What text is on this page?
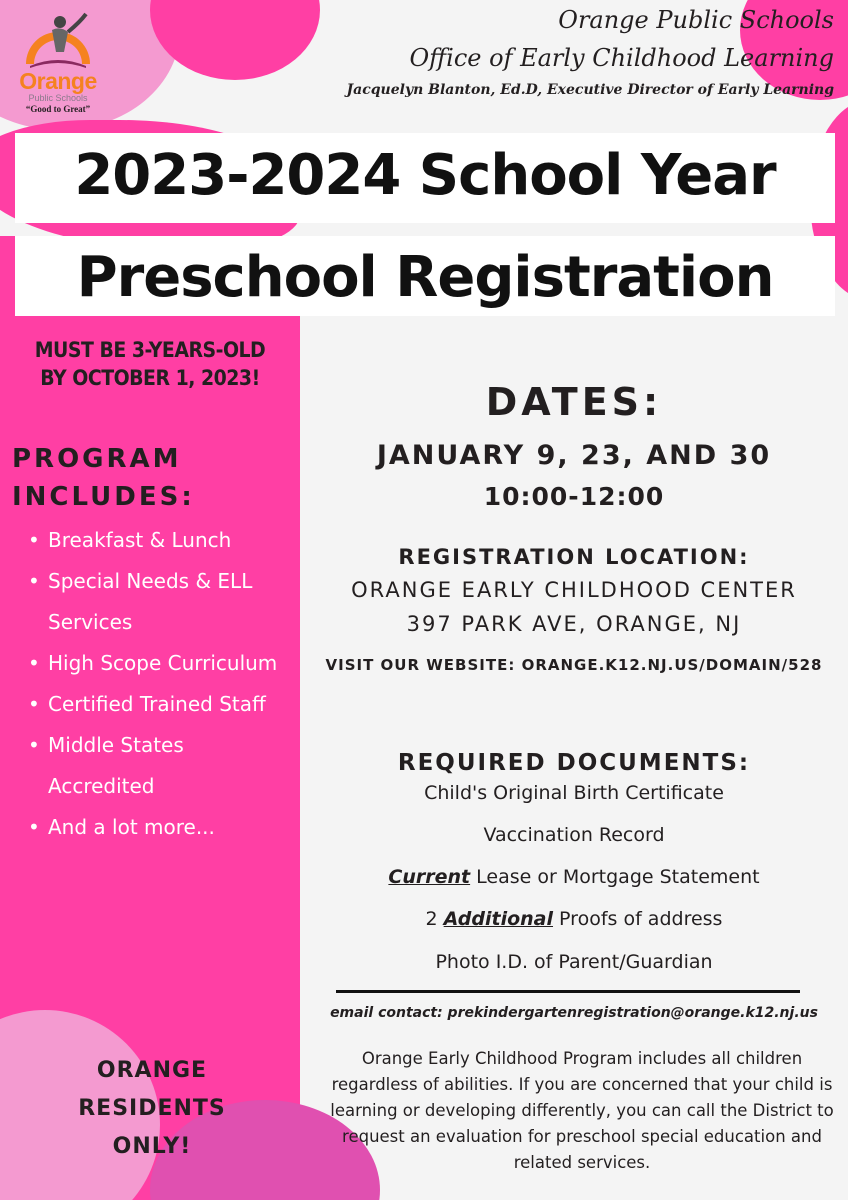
Orange
Public Schools
“Good to Great”
Orange Public Schools
Office of Early Childhood Learning
Jacquelyn Blanton, Ed.D, Executive Director of Early Learning
2023-2024 School Year
Preschool Registration
MUST BE 3-YEARS-OLD
BY OCTOBER 1, 2023!
PROGRAM
INCLUDES:
• Breakfast & Lunch
• Special Needs & ELL Services
• High Scope Curriculum
• Certified Trained Staff
• Middle States Accredited
• And a lot more...
ORANGE
RESIDENTS
ONLY!
DATES:
JANUARY 9, 23, AND 30
10:00-12:00
REGISTRATION LOCATION:
ORANGE EARLY CHILDHOOD CENTER
397 PARK AVE, ORANGE, NJ
VISIT OUR WEBSITE: ORANGE.K12.NJ.US/DOMAIN/528
REQUIRED DOCUMENTS:
Child's Original Birth Certificate
Vaccination Record
Current Lease or Mortgage Statement
2 Additional Proofs of address
Photo I.D. of Parent/Guardian
email contact: prekindergartenregistration@orange.k12.nj.us
Orange Early Childhood Program includes all children regardless of abilities. If you are concerned that your child is learning or developing differently, you can call the District to request an evaluation for preschool special education and related services.
